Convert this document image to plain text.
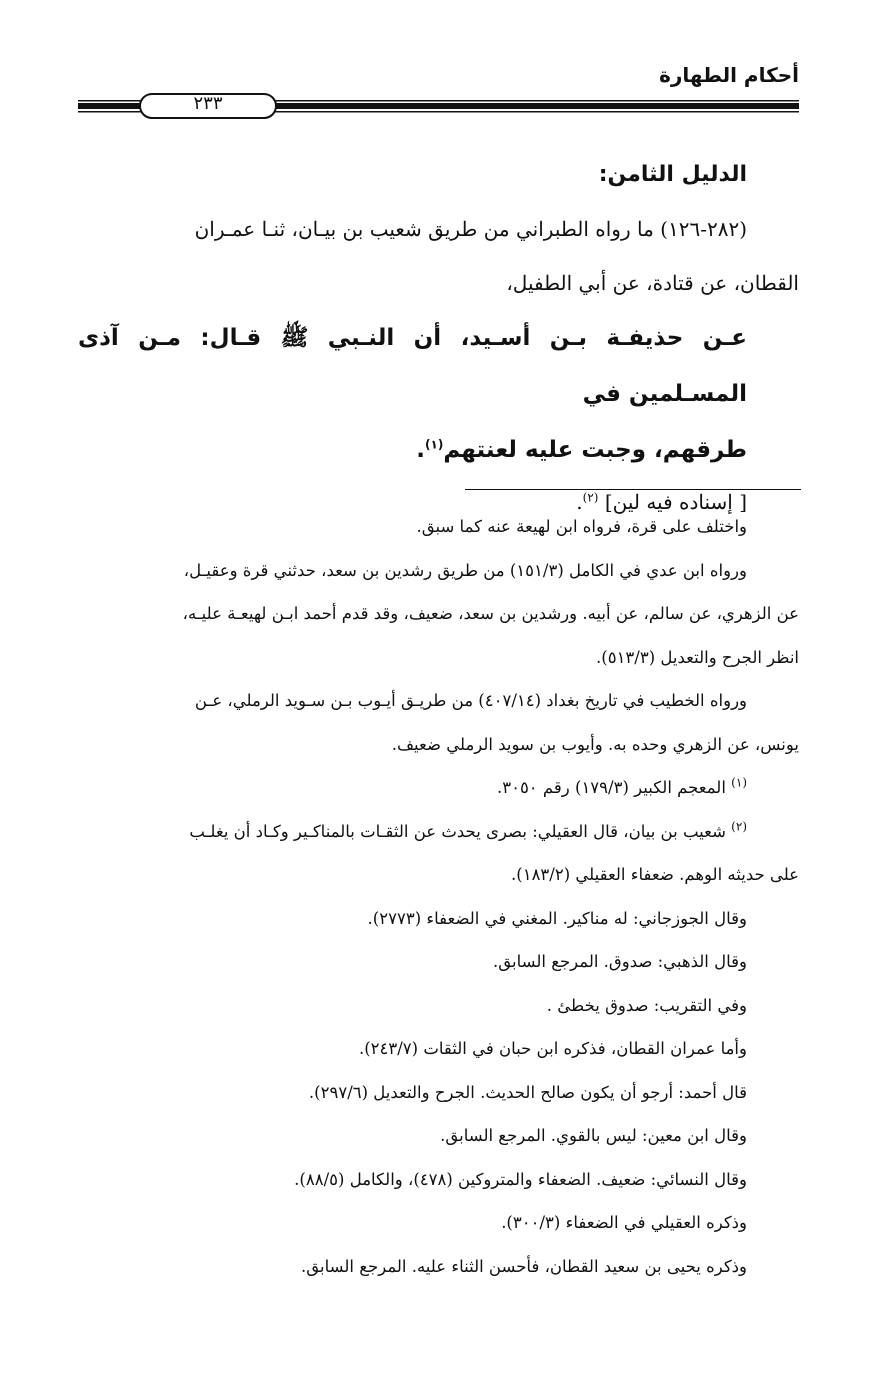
أحكام الطهارة
٢٣٣

الدليل الثامن:

(٢٨٢-١٢٦) ما رواه الطبراني من طريق شعيب بن بيـان، ثنـا عمـران

القطان، عن قتادة، عن أبي الطفيل،

عـن حذيفـة بـن أسـيد، أن النـبي ﷺ قـال: مـن آذى المسـلمين في

طرقهم، وجبت عليه لعنتهم$^{(١)}$.

[ إسناده فيه لين] $^{(٢)}$.

واختلف على قرة، فرواه ابن لهيعة عنه كما سبق.

ورواه ابن عدي في الكامل (١٥١/٣) من طريق رشدين بن سعد، حدثني قرة وعقيـل،

عن الزهري، عن سالم، عن أبيه. ورشدين بن سعد، ضعيف، وقد قدم أحمد ابـن لهيعـة عليـه،

انظر الجرح والتعديل (٥١٣/٣).

ورواه الخطيب في تاريخ بغداد (٤٠٧/١٤) من طريـق أيـوب بـن سـويد الرملي، عـن

يونس، عن الزهري وحده به. وأيوب بن سويد الرملي ضعيف.

$^{(١)}$ المعجم الكبير (١٧٩/٣) رقم ٣٠٥٠.

$^{(٢)}$ شعيب بن بيان، قال العقيلي: بصرى يحدث عن الثقـات بالمناكـير وكـاد أن يغلـب

على حديثه الوهم. ضعفاء العقيلي (١٨٣/٢).

وقال الجوزجاني: له مناكير. المغني في الضعفاء (٢٧٧٣).

وقال الذهبي: صدوق. المرجع السابق.

وفي التقريب: صدوق يخطئ .

وأما عمران القطان، فذكره ابن حبان في الثقات (٢٤٣/٧).

قال أحمد: أرجو أن يكون صالح الحديث. الجرح والتعديل (٢٩٧/٦).

وقال ابن معين: ليس بالقوي. المرجع السابق.

وقال النسائي: ضعيف. الضعفاء والمتروكين (٤٧٨)، والكامل (٨٨/٥).

وذكره العقيلي في الضعفاء (٣٠٠/٣).

وذكره يحيى بن سعيد القطان، فأحسن الثناء عليه. المرجع السابق.
